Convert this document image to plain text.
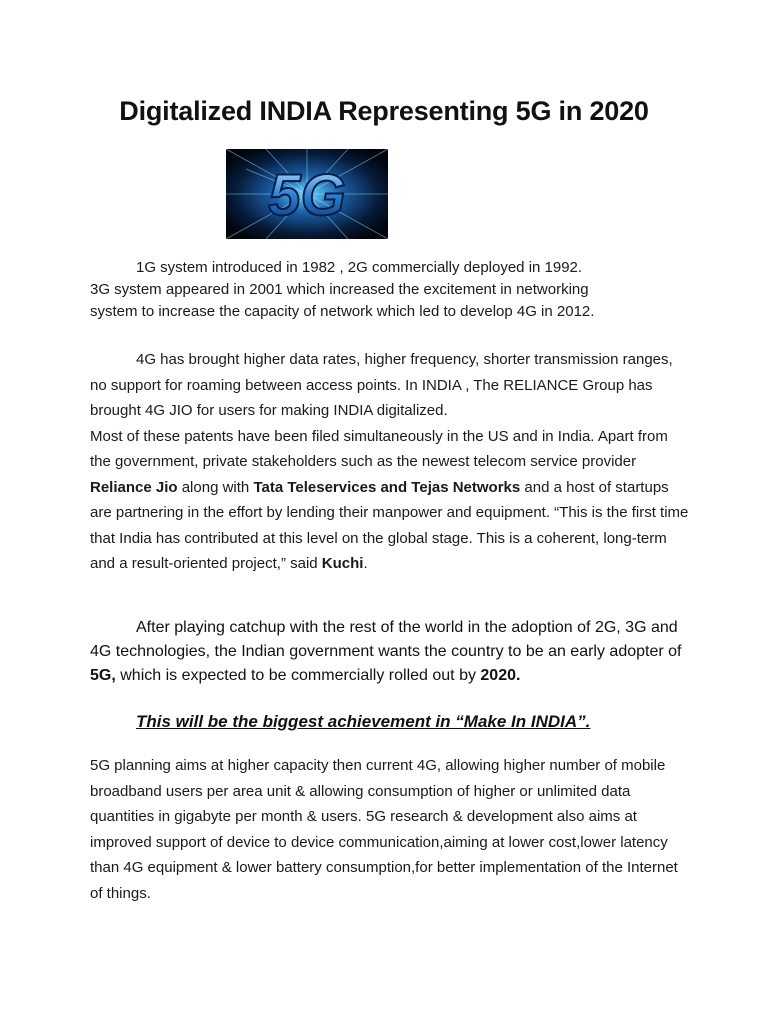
Digitalized INDIA Representing 5G in 2020
5G
1G system introduced in 1982 , 2G commercially deployed in 1992.
3G system appeared in 2001 which increased the excitement in networking
system to increase the capacity of network which led to develop 4G in 2012.
4G has brought higher data rates, higher frequency, shorter transmission ranges, no support for roaming between access points. In INDIA , The RELIANCE Group has brought 4G JIO for users for making INDIA digitalized.
Most of these patents have been filed simultaneously in the US and in India. Apart from the government, private stakeholders such as the newest telecom service provider Reliance Jio along with Tata Teleservices and Tejas Networks and a host of startups are partnering in the effort by lending their manpower and equipment. “This is the first time that India has contributed at this level on the global stage. This is a coherent, long-term and a result-oriented project,” said Kuchi.
After playing catchup with the rest of the world in the adoption of 2G, 3G and 4G technologies, the Indian government wants the country to be an early adopter of 5G, which is expected to be commercially rolled out by 2020.
This will be the biggest achievement in “Make In INDIA”.
5G planning aims at higher capacity then current 4G, allowing higher number of mobile broadband users per area unit & allowing consumption of higher or unlimited data quantities in gigabyte per month & users. 5G research & development also aims at improved support of device to device communication,aiming at lower cost,lower latency than 4G equipment & lower battery consumption,for better implementation of the Internet of things.
